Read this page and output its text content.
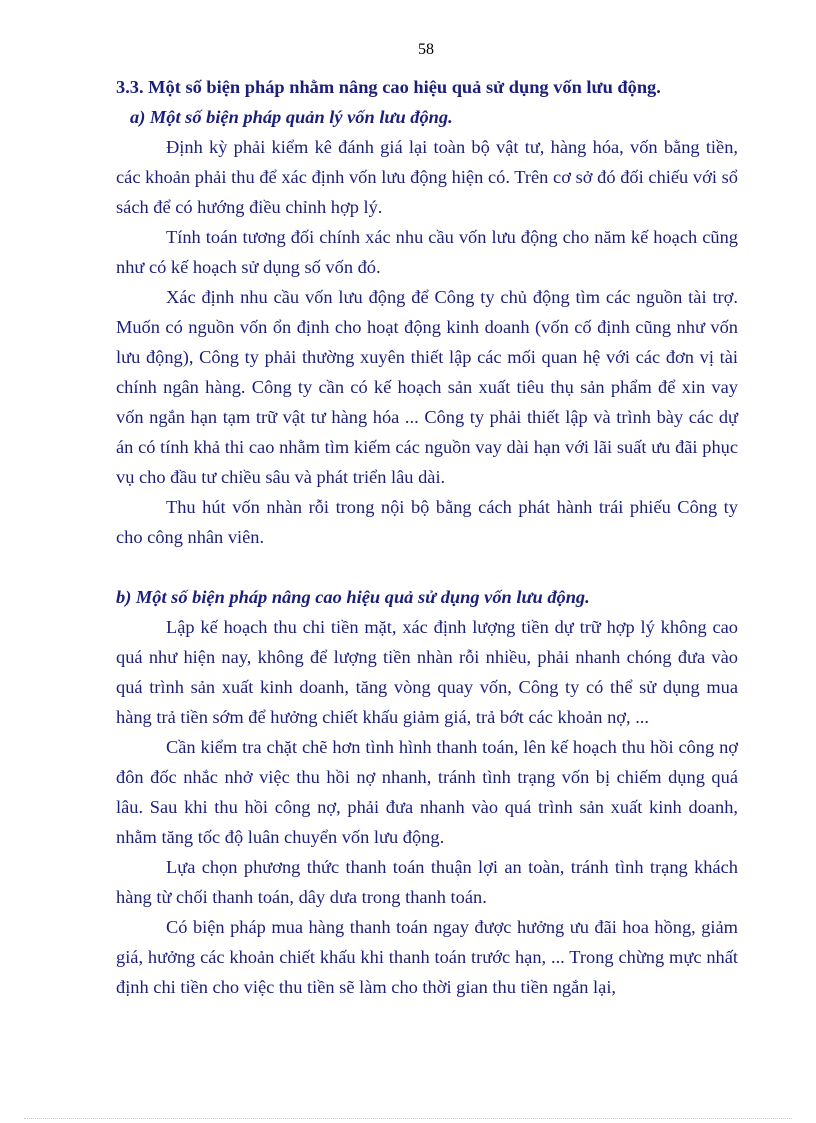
58

3.3. Một số biện pháp nhằm nâng cao hiệu quả sử dụng vốn lưu động.

a) Một số biện pháp quản lý vốn lưu động.

Định kỳ phải kiểm kê đánh giá lại toàn bộ vật tư, hàng hóa, vốn bằng tiền, các khoản phải thu để xác định vốn lưu động hiện có. Trên cơ sở đó đối chiếu với sổ sách để có hướng điều chỉnh hợp lý.

Tính toán tương đối chính xác nhu cầu vốn lưu động cho năm kế hoạch cũng như có kế hoạch sử dụng số vốn đó.

Xác định nhu cầu vốn lưu động để Công ty chủ động tìm các nguồn tài trợ. Muốn có nguồn vốn ổn định cho hoạt động kinh doanh (vốn cố định cũng như vốn lưu động), Công ty phải thường xuyên thiết lập các mối quan hệ với các đơn vị tài chính ngân hàng. Công ty cần có kế hoạch sản xuất tiêu thụ sản phẩm để xin vay vốn ngắn hạn tạm trữ vật tư hàng hóa ... Công ty phải thiết lập và trình bày các dự án có tính khả thi cao nhằm tìm kiếm các nguồn vay dài hạn với lãi suất ưu đãi phục vụ cho đầu tư chiều sâu và phát triển lâu dài.

Thu hút vốn nhàn rỗi trong nội bộ bằng cách phát hành trái phiếu Công ty cho công nhân viên.

b) Một số biện pháp nâng cao hiệu quả sử dụng vốn lưu động.

Lập kế hoạch thu chi tiền mặt, xác định lượng tiền dự trữ hợp lý không cao quá như hiện nay, không để lượng tiền nhàn rỗi nhiều, phải nhanh chóng đưa vào quá trình sản xuất kinh doanh, tăng vòng quay vốn, Công ty có thể sử dụng mua hàng trả tiền sớm để hưởng chiết khấu giảm giá, trả bớt các khoản nợ, ...

Cần kiểm tra chặt chẽ hơn tình hình thanh toán, lên kế hoạch thu hồi công nợ đôn đốc nhắc nhở việc thu hồi nợ nhanh, tránh tình trạng vốn bị chiếm dụng quá lâu. Sau khi thu hồi công nợ, phải đưa nhanh vào quá trình sản xuất kinh doanh, nhằm tăng tốc độ luân chuyển vốn lưu động.

Lựa chọn phương thức thanh toán thuận lợi an toàn, tránh tình trạng khách hàng từ chối thanh toán, dây dưa trong thanh toán.

Có biện pháp mua hàng thanh toán ngay được hưởng ưu đãi hoa hồng, giảm giá, hưởng các khoản chiết khấu khi thanh toán trước hạn, ... Trong chừng mực nhất định chi tiền cho việc thu tiền sẽ làm cho thời gian thu tiền ngắn lại,
